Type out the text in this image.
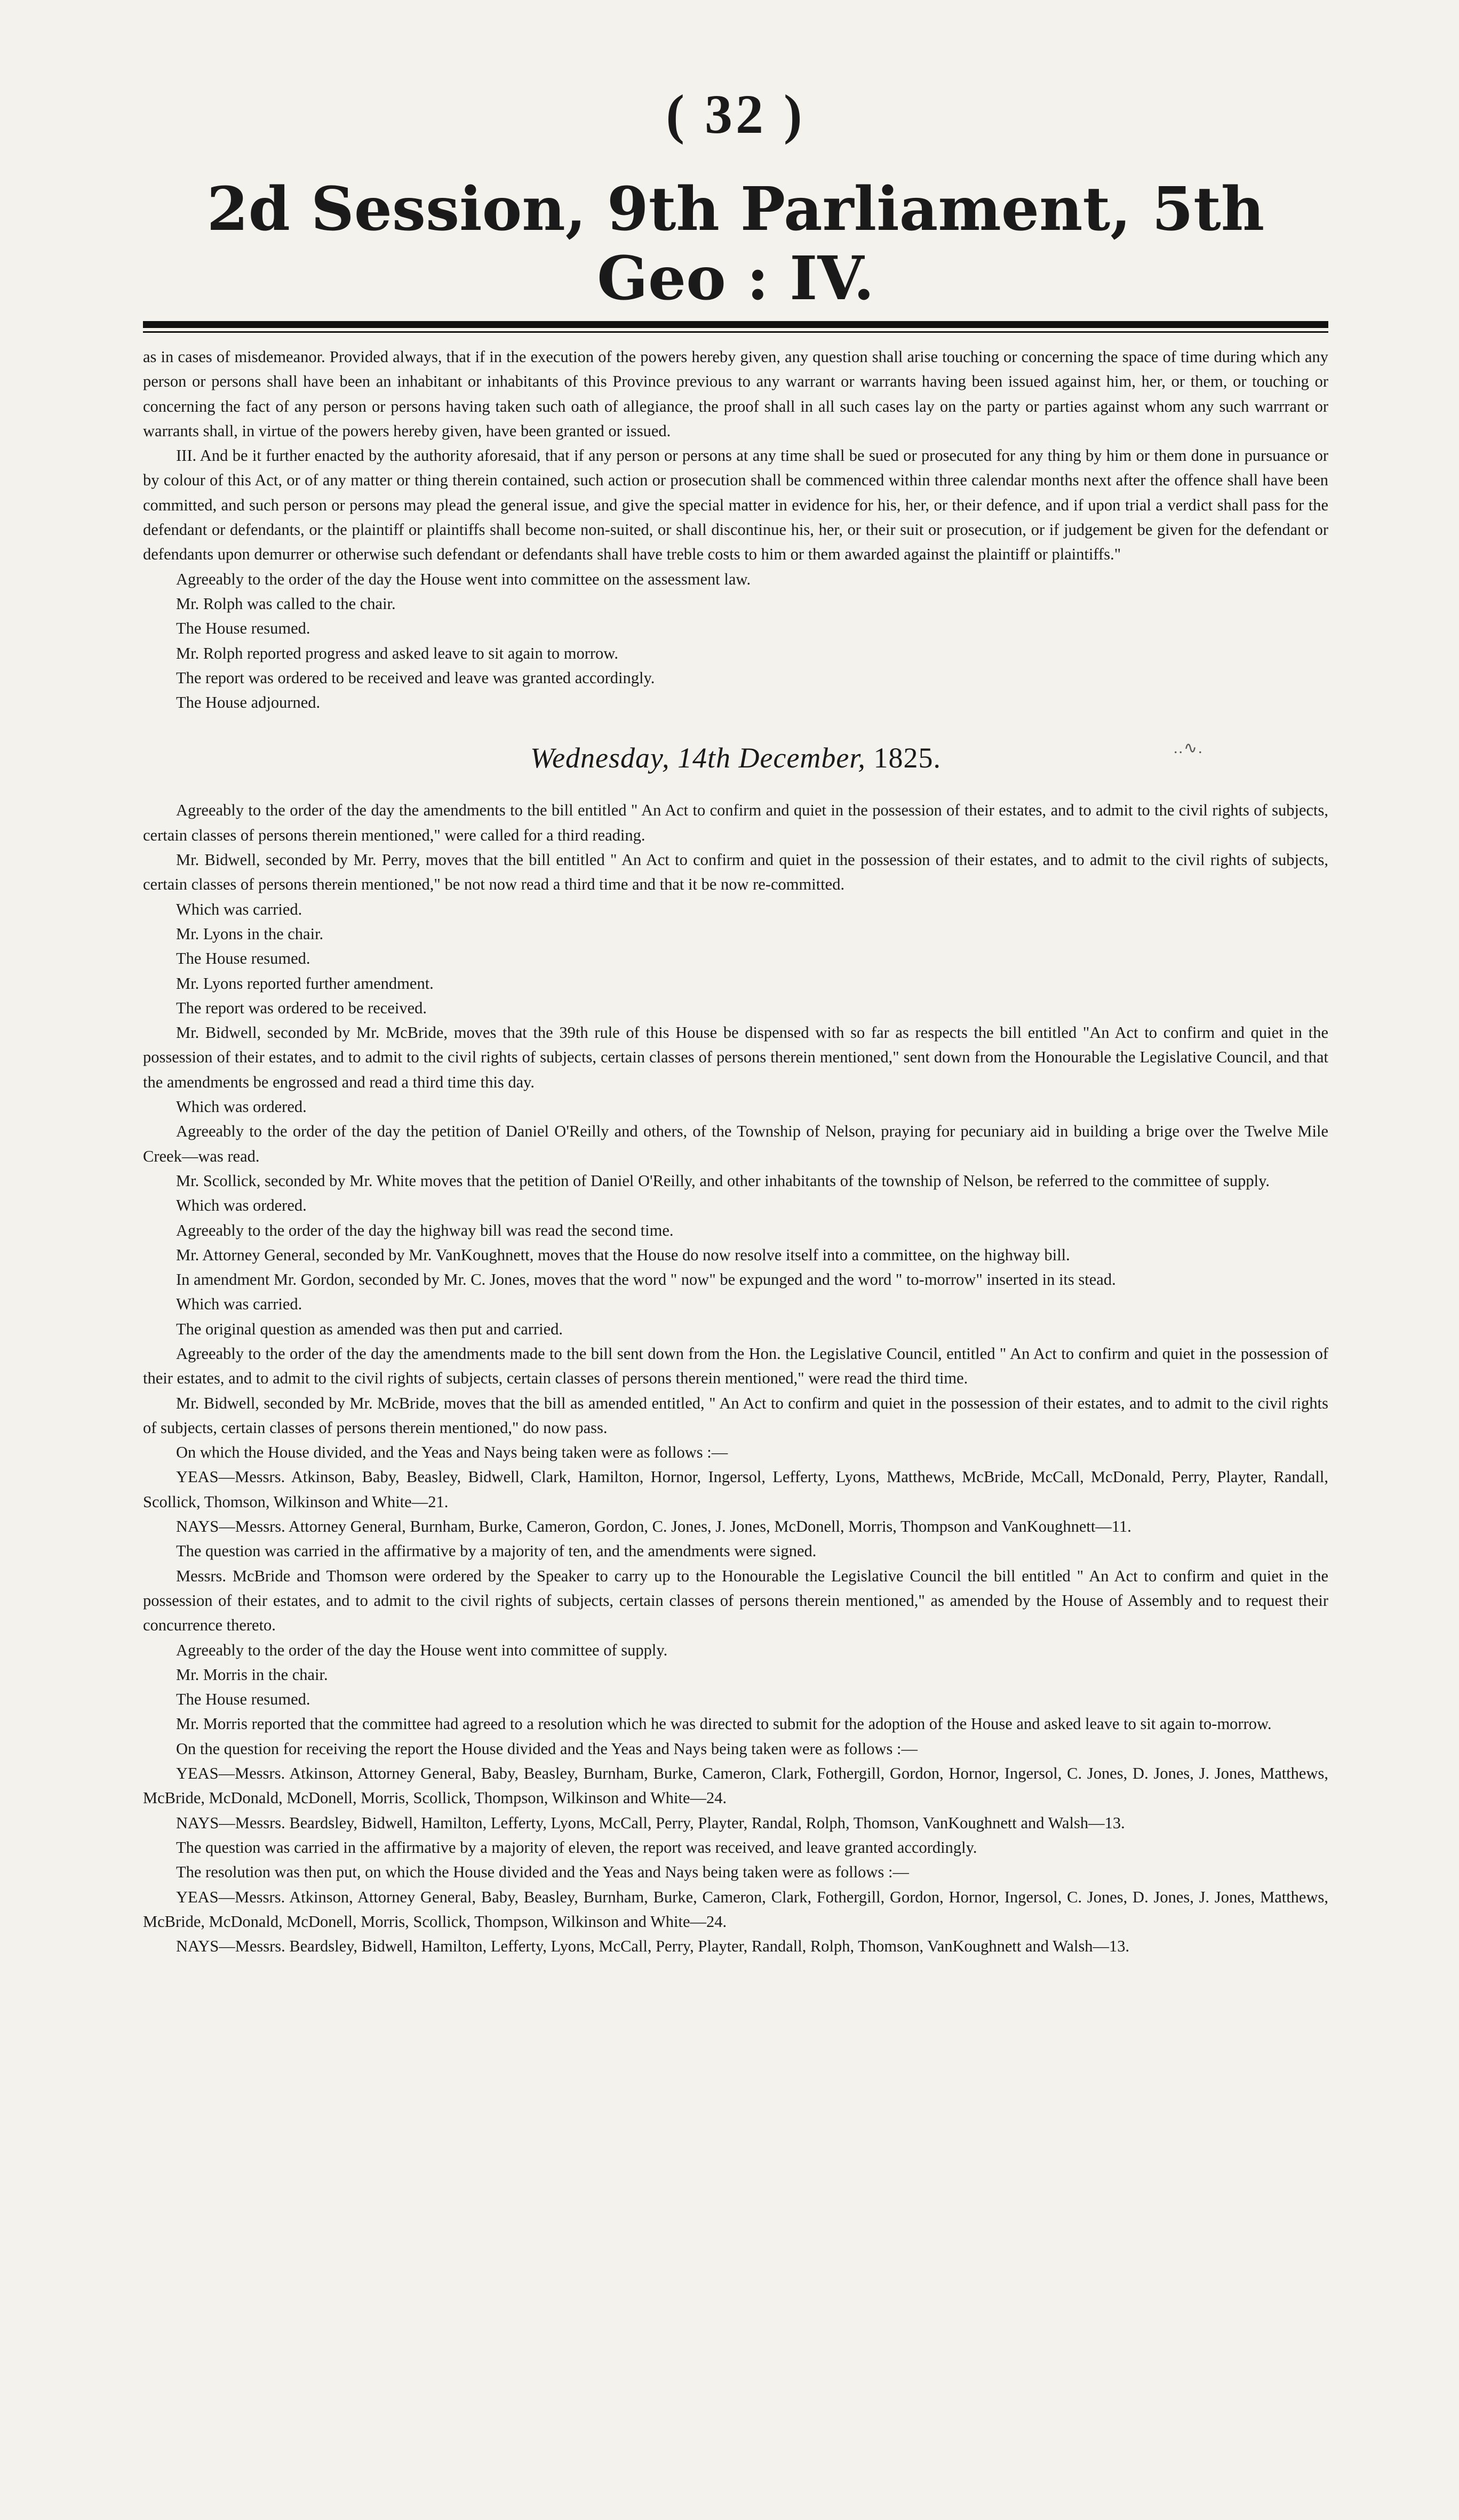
( 32 )

2d Session, 9th Parliament, 5th Geo : IV.

as in cases of misdemeanor. Provided always, that if in the execution of the powers hereby given, any question shall arise touching or concerning the space of time during which any person or persons shall have been an inhabitant or inhabitants of this Province previous to any warrant or warrants having been issued against him, her, or them, or touching or concerning the fact of any person or persons having taken such oath of allegiance, the proof shall in all such cases lay on the party or parties against whom any such warrrant or warrants shall, in virtue of the powers hereby given, have been granted or issued.

III. And be it further enacted by the authority aforesaid, that if any person or persons at any time shall be sued or prosecuted for any thing by him or them done in pursuance or by colour of this Act, or of any matter or thing therein contained, such action or prosecution shall be commenced within three calendar months next after the offence shall have been committed, and such person or persons may plead the general issue, and give the special matter in evidence for his, her, or their defence, and if upon trial a verdict shall pass for the defendant or defendants, or the plaintiff or plaintiffs shall become non-suited, or shall discontinue his, her, or their suit or prosecution, or if judgement be given for the defendant or defendants upon demurrer or otherwise such defendant or defendants shall have treble costs to him or them awarded against the plaintiff or plaintiffs."

Agreeably to the order of the day the House went into committee on the assessment law.

Mr. Rolph was called to the chair.

The House resumed.

Mr. Rolph reported progress and asked leave to sit again to morrow.

The report was ordered to be received and leave was granted accordingly.

The House adjourned.

Wednesday, 14th December, 1825.

Agreeably to the order of the day the amendments to the bill entitled " An Act to confirm and quiet in the possession of their estates, and to admit to the civil rights of subjects, certain classes of persons therein mentioned," were called for a third reading.

Mr. Bidwell, seconded by Mr. Perry, moves that the bill entitled " An Act to confirm and quiet in the possession of their estates, and to admit to the civil rights of subjects, certain classes of persons therein mentioned," be not now read a third time and that it be now re-committed.

Which was carried.

Mr. Lyons in the chair.

The House resumed.

Mr. Lyons reported further amendment.

The report was ordered to be received.

Mr. Bidwell, seconded by Mr. McBride, moves that the 39th rule of this House be dispensed with so far as respects the bill entitled "An Act to confirm and quiet in the possession of their estates, and to admit to the civil rights of subjects, certain classes of persons therein mentioned," sent down from the Honourable the Legislative Council, and that the amendments be engrossed and read a third time this day.

Which was ordered.

Agreeably to the order of the day the petition of Daniel O'Reilly and others, of the Township of Nelson, praying for pecuniary aid in building a brige over the Twelve Mile Creek—was read.

Mr. Scollick, seconded by Mr. White moves that the petition of Daniel O'Reilly, and other inhabitants of the township of Nelson, be referred to the committee of supply.

Which was ordered.

Agreeably to the order of the day the highway bill was read the second time.

Mr. Attorney General, seconded by Mr. VanKoughnett, moves that the House do now resolve itself into a committee, on the highway bill.

In amendment Mr. Gordon, seconded by Mr. C. Jones, moves that the word " now" be expunged and the word " to-morrow" inserted in its stead.

Which was carried.

The original question as amended was then put and carried.

Agreeably to the order of the day the amendments made to the bill sent down from the Hon. the Legislative Council, entitled " An Act to confirm and quiet in the possession of their estates, and to admit to the civil rights of subjects, certain classes of persons therein mentioned," were read the third time.

Mr. Bidwell, seconded by Mr. McBride, moves that the bill as amended entitled, " An Act to confirm and quiet in the possession of their estates, and to admit to the civil rights of subjects, certain classes of persons therein mentioned," do now pass.

On which the House divided, and the Yeas and Nays being taken were as follows :—

YEAS—Messrs. Atkinson, Baby, Beasley, Bidwell, Clark, Hamilton, Hornor, Ingersol, Lefferty, Lyons, Matthews, McBride, McCall, McDonald, Perry, Playter, Randall, Scollick, Thomson, Wilkinson and White—21.

NAYS—Messrs. Attorney General, Burnham, Burke, Cameron, Gordon, C. Jones, J. Jones, McDonell, Morris, Thompson and VanKoughnett—11.

The question was carried in the affirmative by a majority of ten, and the amendments were signed.

Messrs. McBride and Thomson were ordered by the Speaker to carry up to the Honourable the Legislative Council the bill entitled " An Act to confirm and quiet in the possession of their estates, and to admit to the civil rights of subjects, certain classes of persons therein mentioned," as amended by the House of Assembly and to request their concurrence thereto.

Agreeably to the order of the day the House went into committee of supply.

Mr. Morris in the chair.

The House resumed.

Mr. Morris reported that the committee had agreed to a resolution which he was directed to submit for the adoption of the House and asked leave to sit again to-morrow.

On the question for receiving the report the House divided and the Yeas and Nays being taken were as follows :—

YEAS—Messrs. Atkinson, Attorney General, Baby, Beasley, Burnham, Burke, Cameron, Clark, Fothergill, Gordon, Hornor, Ingersol, C. Jones, D. Jones, J. Jones, Matthews, McBride, McDonald, McDonell, Morris, Scollick, Thompson, Wilkinson and White—24.

NAYS—Messrs. Beardsley, Bidwell, Hamilton, Lefferty, Lyons, McCall, Perry, Playter, Randal, Rolph, Thomson, VanKoughnett and Walsh—13.

The question was carried in the affirmative by a majority of eleven, the report was received, and leave granted accordingly.

The resolution was then put, on which the House divided and the Yeas and Nays being taken were as follows :—

YEAS—Messrs. Atkinson, Attorney General, Baby, Beasley, Burnham, Burke, Cameron, Clark, Fothergill, Gordon, Hornor, Ingersol, C. Jones, D. Jones, J. Jones, Matthews, McBride, McDonald, McDonell, Morris, Scollick, Thompson, Wilkinson and White—24.

NAYS—Messrs. Beardsley, Bidwell, Hamilton, Lefferty, Lyons, McCall, Perry, Playter, Randall, Rolph, Thomson, VanKoughnett and Walsh—13.

..∿.
